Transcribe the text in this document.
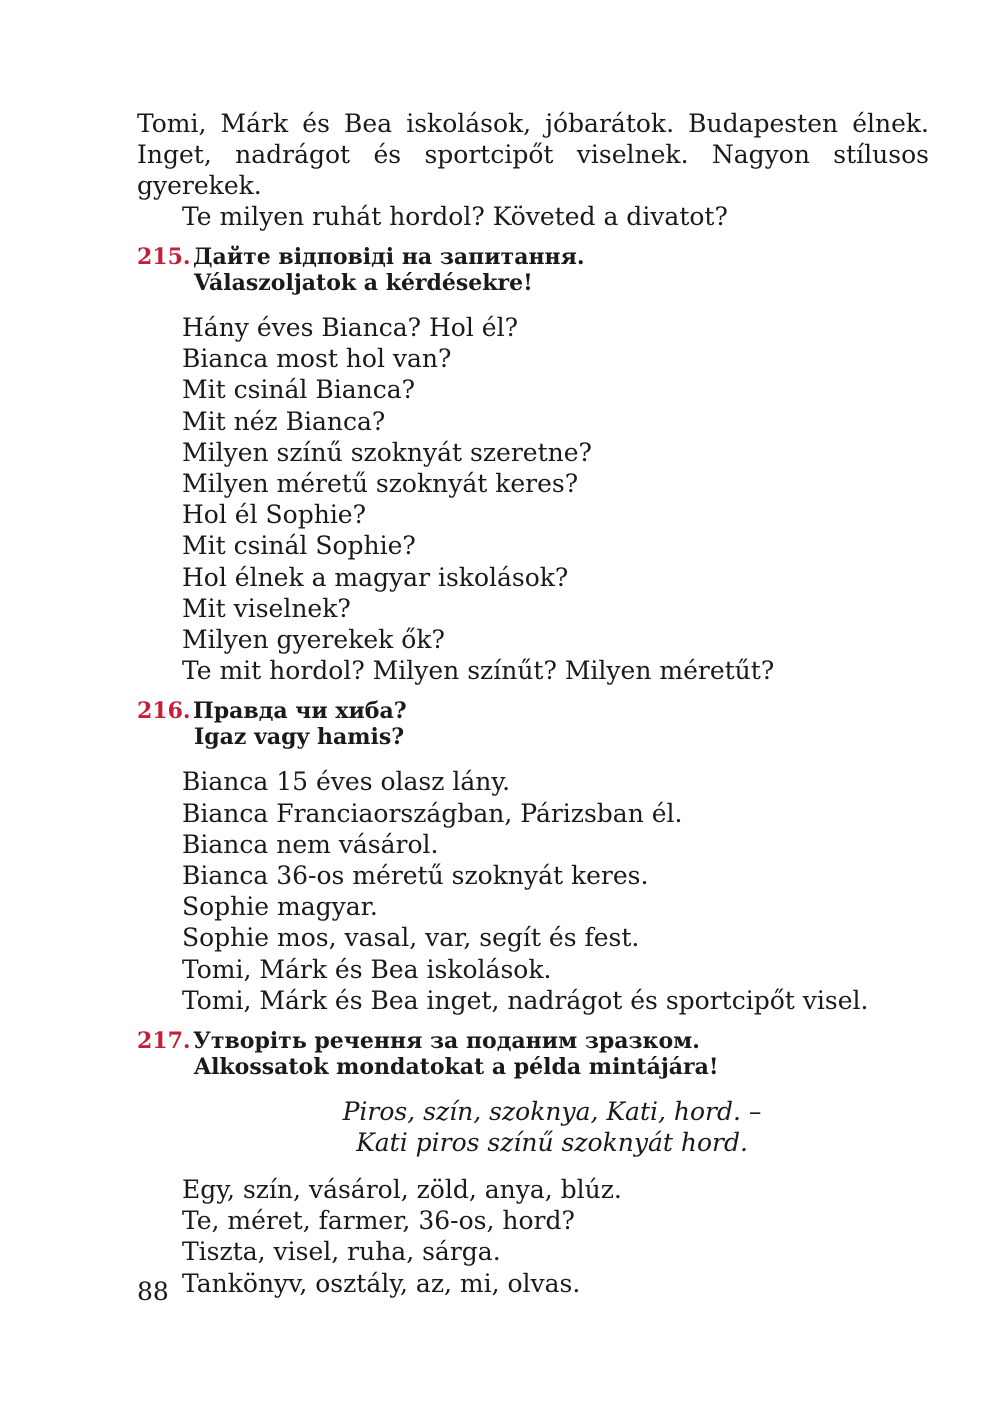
Tomi, Márk és Bea iskolások, jóbarátok. Budapesten élnek.

Inget, nadrágot és sportcipőt viselnek. Nagyon stílusos gyerekek.

Te milyen ruhát hordol? Követed a divatot?

215. Дайте відповіді на запитання.
Válaszoljatok a kérdésekre!
Hány éves Bianca? Hol él?
Bianca most hol van?
Mit csinál Bianca?
Mit néz Bianca?
Milyen színű szoknyát szeretne?
Milyen méretű szoknyát keres?
Hol él Sophie?
Mit csinál Sophie?
Hol élnek a magyar iskolások?
Mit viselnek?
Milyen gyerekek ők?
Te mit hordol? Milyen színűt? Milyen méretűt?
216. Правда чи хиба?
Igaz vagy hamis?
Bianca 15 éves olasz lány.
Bianca Franciaországban, Párizsban él.
Bianca nem vásárol.
Bianca 36-os méretű szoknyát keres.
Sophie magyar.
Sophie mos, vasal, var, segít és fest.
Tomi, Márk és Bea iskolások.
Tomi, Márk és Bea inget, nadrágot és sportcipőt visel.
217. Утворіть речення за поданим зразком.
Alkossatok mondatokat a példa mintájára!
Piros, szín, szoknya, Kati, hord. –
Kati piros színű szoknyát hord.
Egy, szín, vásárol, zöld, anya, blúz.
Te, méret, farmer, 36-os, hord?
Tiszta, visel, ruha, sárga.
Tankönyv, osztály, az, mi, olvas.
88
